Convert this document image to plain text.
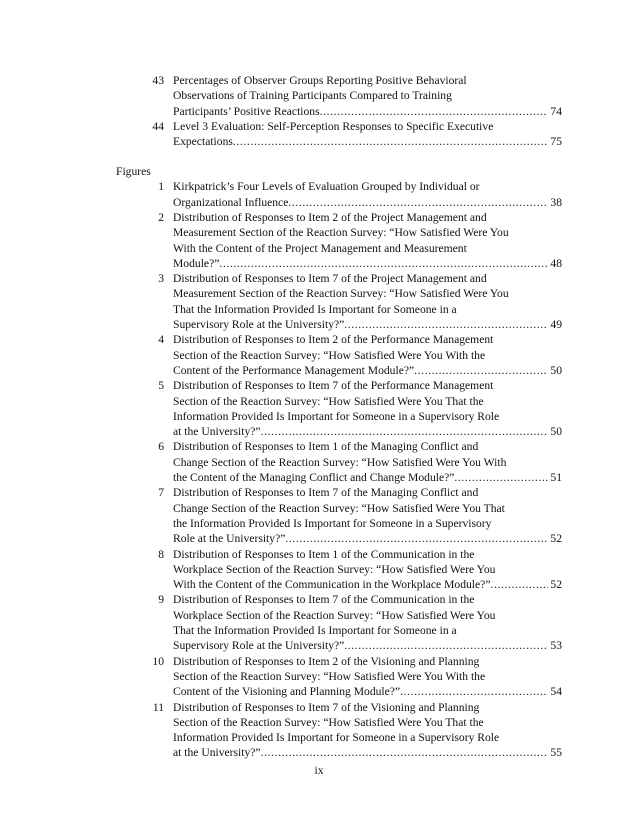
43 Percentages of Observer Groups Reporting Positive Behavioral
Observations of Training Participants Compared to Training
Participants’ Positive Reactions .....	74
44 Level 3 Evaluation: Self-Perception Responses to Specific Executive
Expectations .....	75
Figures
1 Kirkpatrick’s Four Levels of Evaluation Grouped by Individual or
Organizational Influence .....	38
2 Distribution of Responses to Item 2 of the Project Management and
Measurement Section of the Reaction Survey: “How Satisfied Were You
With the Content of the Project Management and Measurement
Module?” .....	48
3 Distribution of Responses to Item 7 of the Project Management and
Measurement Section of the Reaction Survey: “How Satisfied Were You
That the Information Provided Is Important for Someone in a
Supervisory Role at the University?” .....	49
4 Distribution of Responses to Item 2 of the Performance Management
Section of the Reaction Survey: “How Satisfied Were You With the
Content of the Performance Management Module?” .....	50
5 Distribution of Responses to Item 7 of the Performance Management
Section of the Reaction Survey: “How Satisfied Were You That the
Information Provided Is Important for Someone in a Supervisory Role
at the University?” .....	50
6 Distribution of Responses to Item 1 of the Managing Conflict and
Change Section of the Reaction Survey: “How Satisfied Were You With
the Content of the Managing Conflict and Change Module?” .....	51
7 Distribution of Responses to Item 7 of the Managing Conflict and
Change Section of the Reaction Survey: “How Satisfied Were You That
the Information Provided Is Important for Someone in a Supervisory
Role at the University?” .....	52
8 Distribution of Responses to Item 1 of the Communication in the
Workplace Section of the Reaction Survey: “How Satisfied Were You
With the Content of the Communication in the Workplace Module?” .....	52
9 Distribution of Responses to Item 7 of the Communication in the
Workplace Section of the Reaction Survey: “How Satisfied Were You
That the Information Provided Is Important for Someone in a
Supervisory Role at the University?” .....	53
10 Distribution of Responses to Item 2 of the Visioning and Planning
Section of the Reaction Survey: “How Satisfied Were You With the
Content of the Visioning and Planning Module?” .....	54
11 Distribution of Responses to Item 7 of the Visioning and Planning
Section of the Reaction Survey: “How Satisfied Were You That the
Information Provided Is Important for Someone in a Supervisory Role
at the University?” .....	55
ix
